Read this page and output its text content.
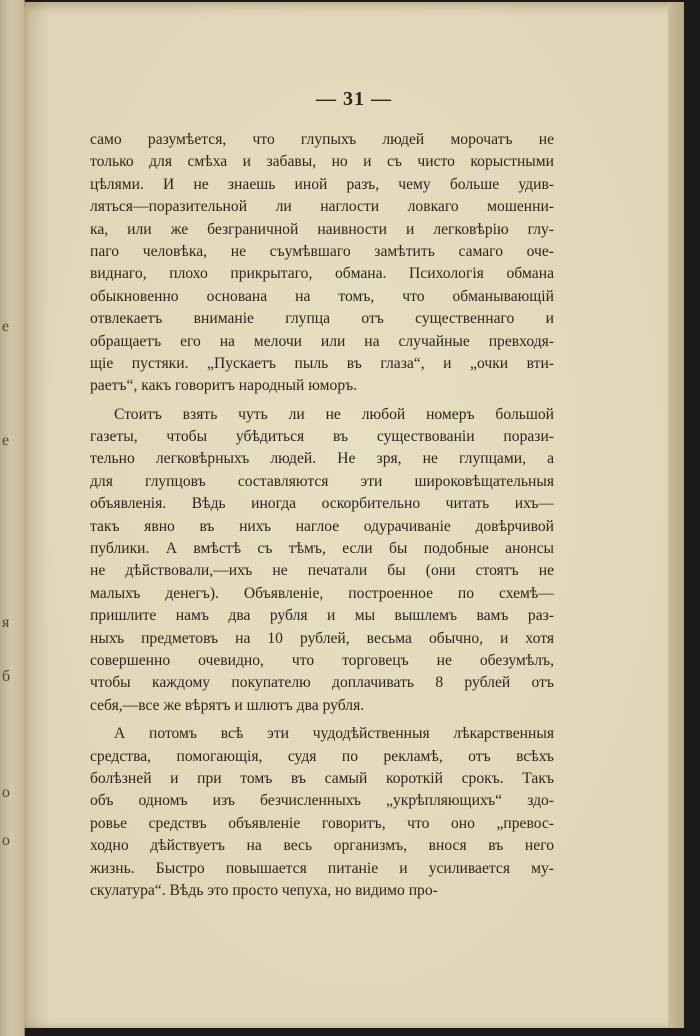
е
е
я
б
о
о
— 31 —
само разумѣется, что глупыхъ людей морочатъ не
только для смѣха и забавы, но и съ чисто корыстными
цѣлями. И не знаешь иной разъ, чему больше удив-
ляться—поразительной ли наглости ловкаго мошенни-
ка, или же безграничной наивности и легковѣрію глу-
паго человѣка, не съумѣвшаго замѣтить самаго оче-
виднаго, плохо прикрытаго, обмана. Психологія обмана
обыкновенно основана на томъ, что обманывающій
отвлекаетъ вниманіе глупца отъ существеннаго и
обращаетъ его на мелочи или на случайные превходя-
щіе пустяки. „Пускаетъ пыль въ глаза“, и „очки вти-
раетъ“, какъ говоритъ народный юморъ.
Стоитъ взять чуть ли не любой номеръ большой
газеты, чтобы убѣдиться въ существованіи порази-
тельно легковѣрныхъ людей. Не зря, не глупцами, а
для глупцовъ составляются эти широковѣщательныя
объявленія. Вѣдь иногда оскорбительно читать ихъ—
такъ явно въ нихъ наглое одурачиваніе довѣрчивой
публики. А вмѣстѣ съ тѣмъ, если бы подобные анонсы
не дѣйствовали,—ихъ не печатали бы (они стоятъ не
малыхъ денегъ). Объявленіе, построенное по схемѣ—
пришлите намъ два рубля и мы вышлемъ вамъ раз-
ныхъ предметовъ на 10 рублей, весьма обычно, и хотя
совершенно очевидно, что торговецъ не обезумѣлъ,
чтобы каждому покупателю доплачивать 8 рублей отъ
себя,—все же вѣрятъ и шлютъ два рубля.
А потомъ всѣ эти чудодѣйственныя лѣкарственныя
средства, помогающія, судя по рекламѣ, отъ всѣхъ
болѣзней и при томъ въ самый короткій срокъ. Такъ
объ одномъ изъ безчисленныхъ „укрѣпляющихъ“ здо-
ровье средствъ объявленіе говоритъ, что оно „превос-
ходно дѣйствуетъ на весь организмъ, внося въ него
жизнь. Быстро повышается питаніе и усиливается му-
скулатура“. Вѣдь это просто чепуха, но видимо про-
